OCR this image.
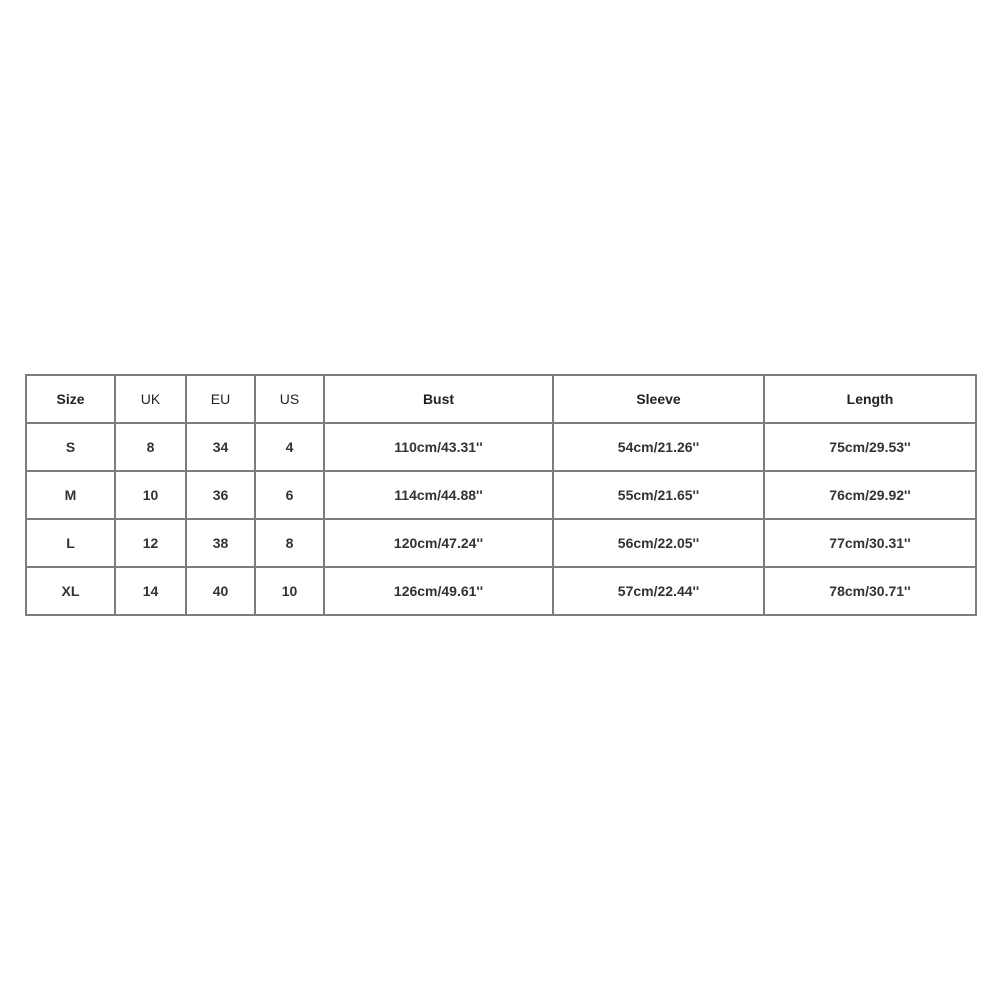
Size	UK	EU	US	Bust	Sleeve	Length
S	8	34	4	110cm/43.31''	54cm/21.26''	75cm/29.53''
M	10	36	6	114cm/44.88''	55cm/21.65''	76cm/29.92''
L	12	38	8	120cm/47.24''	56cm/22.05''	77cm/30.31''
XL	14	40	10	126cm/49.61''	57cm/22.44''	78cm/30.71''
